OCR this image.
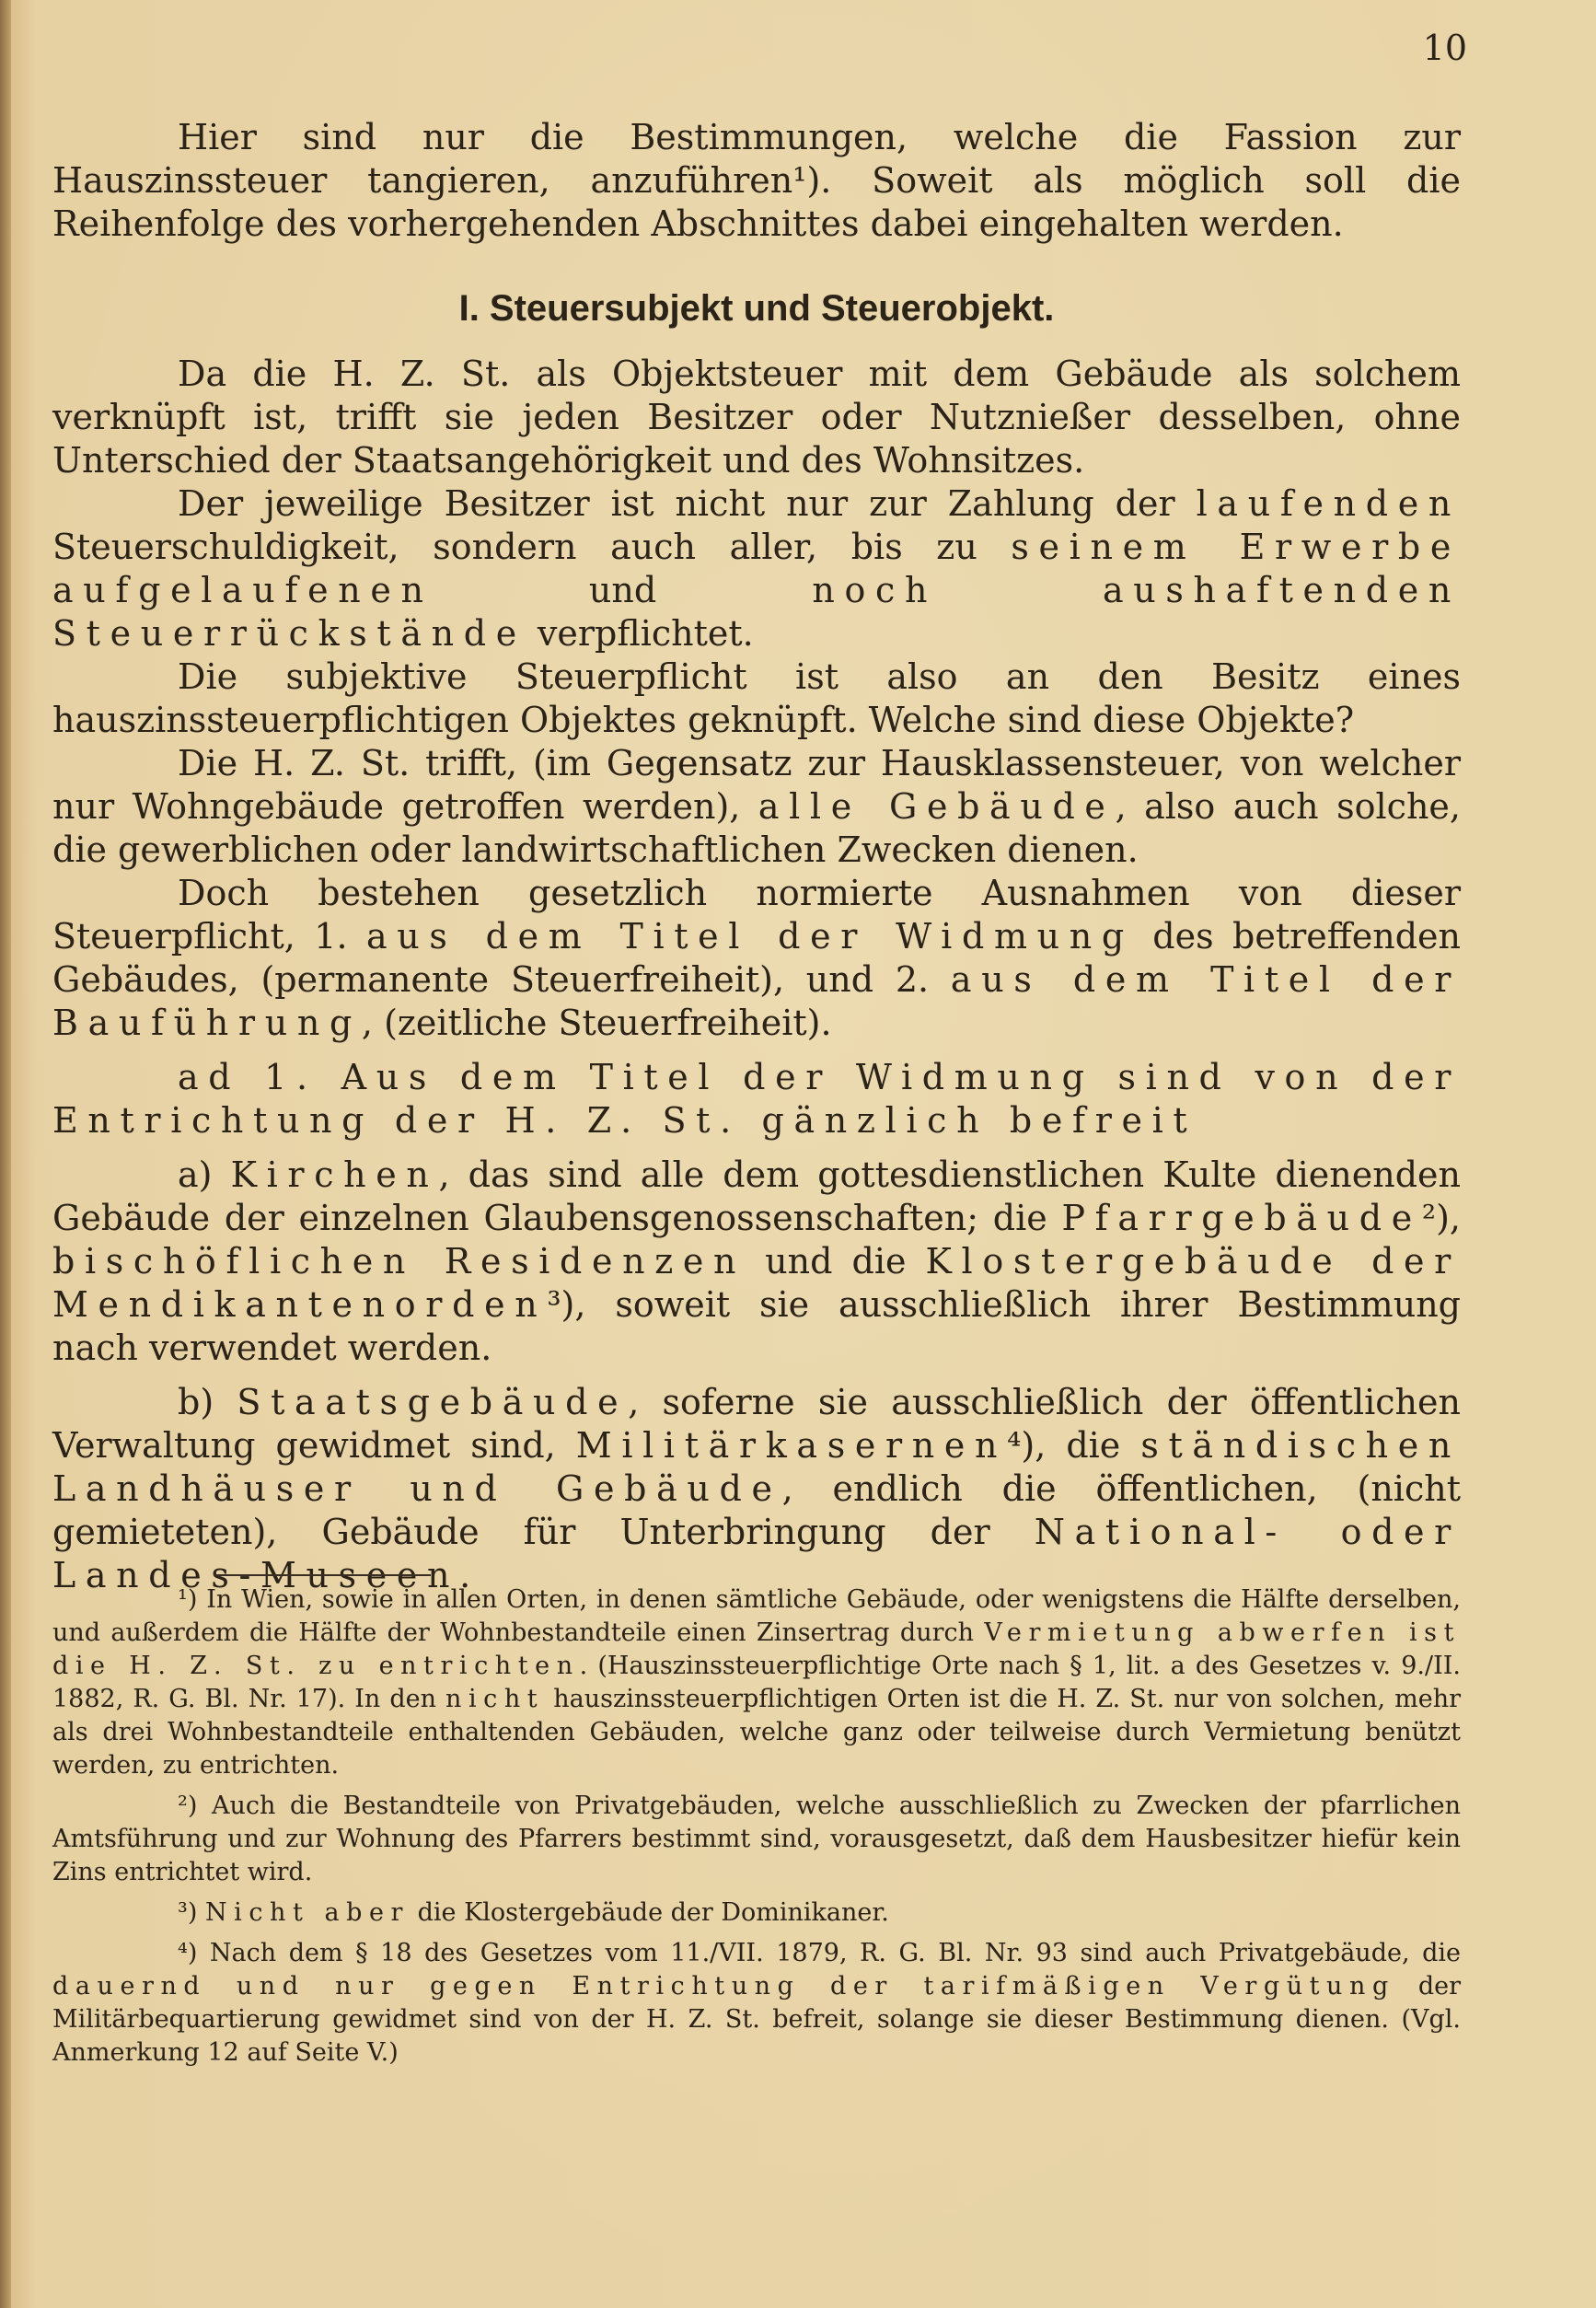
10

Hier sind nur die Bestimmungen, welche die Fassion zur Hauszinssteuer tangieren, anzuführen¹). Soweit als möglich soll die Reihenfolge des vorhergehenden Abschnittes dabei eingehalten werden.

I. Steuersubjekt und Steuerobjekt.

Da die H. Z. St. als Objektsteuer mit dem Gebäude als solchem verknüpft ist, trifft sie jeden Besitzer oder Nutznießer desselben, ohne Unterschied der Staatsangehörigkeit und des Wohnsitzes.

Der jeweilige Besitzer ist nicht nur zur Zahlung der laufenden Steuerschuldigkeit, sondern auch aller, bis zu seinem Erwerbe aufgelaufenen und noch aushaftenden Steuerrückstände verpflichtet.

Die subjektive Steuerpflicht ist also an den Besitz eines hauszinssteuerpflichtigen Objektes geknüpft. Welche sind diese Objekte?

Die H. Z. St. trifft, (im Gegensatz zur Hausklassensteuer, von welcher nur Wohngebäude getroffen werden), alle Gebäude, also auch solche, die gewerblichen oder landwirtschaftlichen Zwecken dienen.

Doch bestehen gesetzlich normierte Ausnahmen von dieser Steuerpflicht, 1. aus dem Titel der Widmung des betreffenden Gebäudes, (permanente Steuerfreiheit), und 2. aus dem Titel der Bauführung, (zeitliche Steuerfreiheit).

ad 1. Aus dem Titel der Widmung sind von der Entrichtung der H. Z. St. gänzlich befreit

a) Kirchen, das sind alle dem gottesdienstlichen Kulte dienenden Gebäude der einzelnen Glaubensgenossenschaften; die Pfarrgebäude²), bischöflichen Residenzen und die Klostergebäude der Mendikantenorden³), soweit sie ausschließlich ihrer Bestimmung nach verwendet werden.

b) Staatsgebäude, soferne sie ausschließlich der öffentlichen Verwaltung gewidmet sind, Militärkasernen⁴), die ständischen Landhäuser und Gebäude, endlich die öffentlichen, (nicht gemieteten), Gebäude für Unterbringung der National- oder Landes-Museen.

¹) In Wien, sowie in allen Orten, in denen sämtliche Gebäude, oder wenigstens die Hälfte derselben, und außerdem die Hälfte der Wohnbestandteile einen Zinsertrag durch Vermietung abwerfen ist die H. Z. St. zu entrichten. (Hauszinssteuerpflichtige Orte nach § 1, lit. a des Gesetzes v. 9./II. 1882, R. G. Bl. Nr. 17). In den nicht hauszinssteuerpflichtigen Orten ist die H. Z. St. nur von solchen, mehr als drei Wohnbestandteile enthaltenden Gebäuden, welche ganz oder teilweise durch Vermietung benützt werden, zu entrichten.

²) Auch die Bestandteile von Privatgebäuden, welche ausschließlich zu Zwecken der pfarrlichen Amtsführung und zur Wohnung des Pfarrers bestimmt sind, vorausgesetzt, daß dem Hausbesitzer hiefür kein Zins entrichtet wird.

³) Nicht aber die Klostergebäude der Dominikaner.

⁴) Nach dem § 18 des Gesetzes vom 11./VII. 1879, R. G. Bl. Nr. 93 sind auch Privatgebäude, die dauernd und nur gegen Entrichtung der tarifmäßigen Vergütung der Militärbequartierung gewidmet sind von der H. Z. St. befreit, solange sie dieser Bestimmung dienen. (Vgl. Anmerkung 12 auf Seite V.)
